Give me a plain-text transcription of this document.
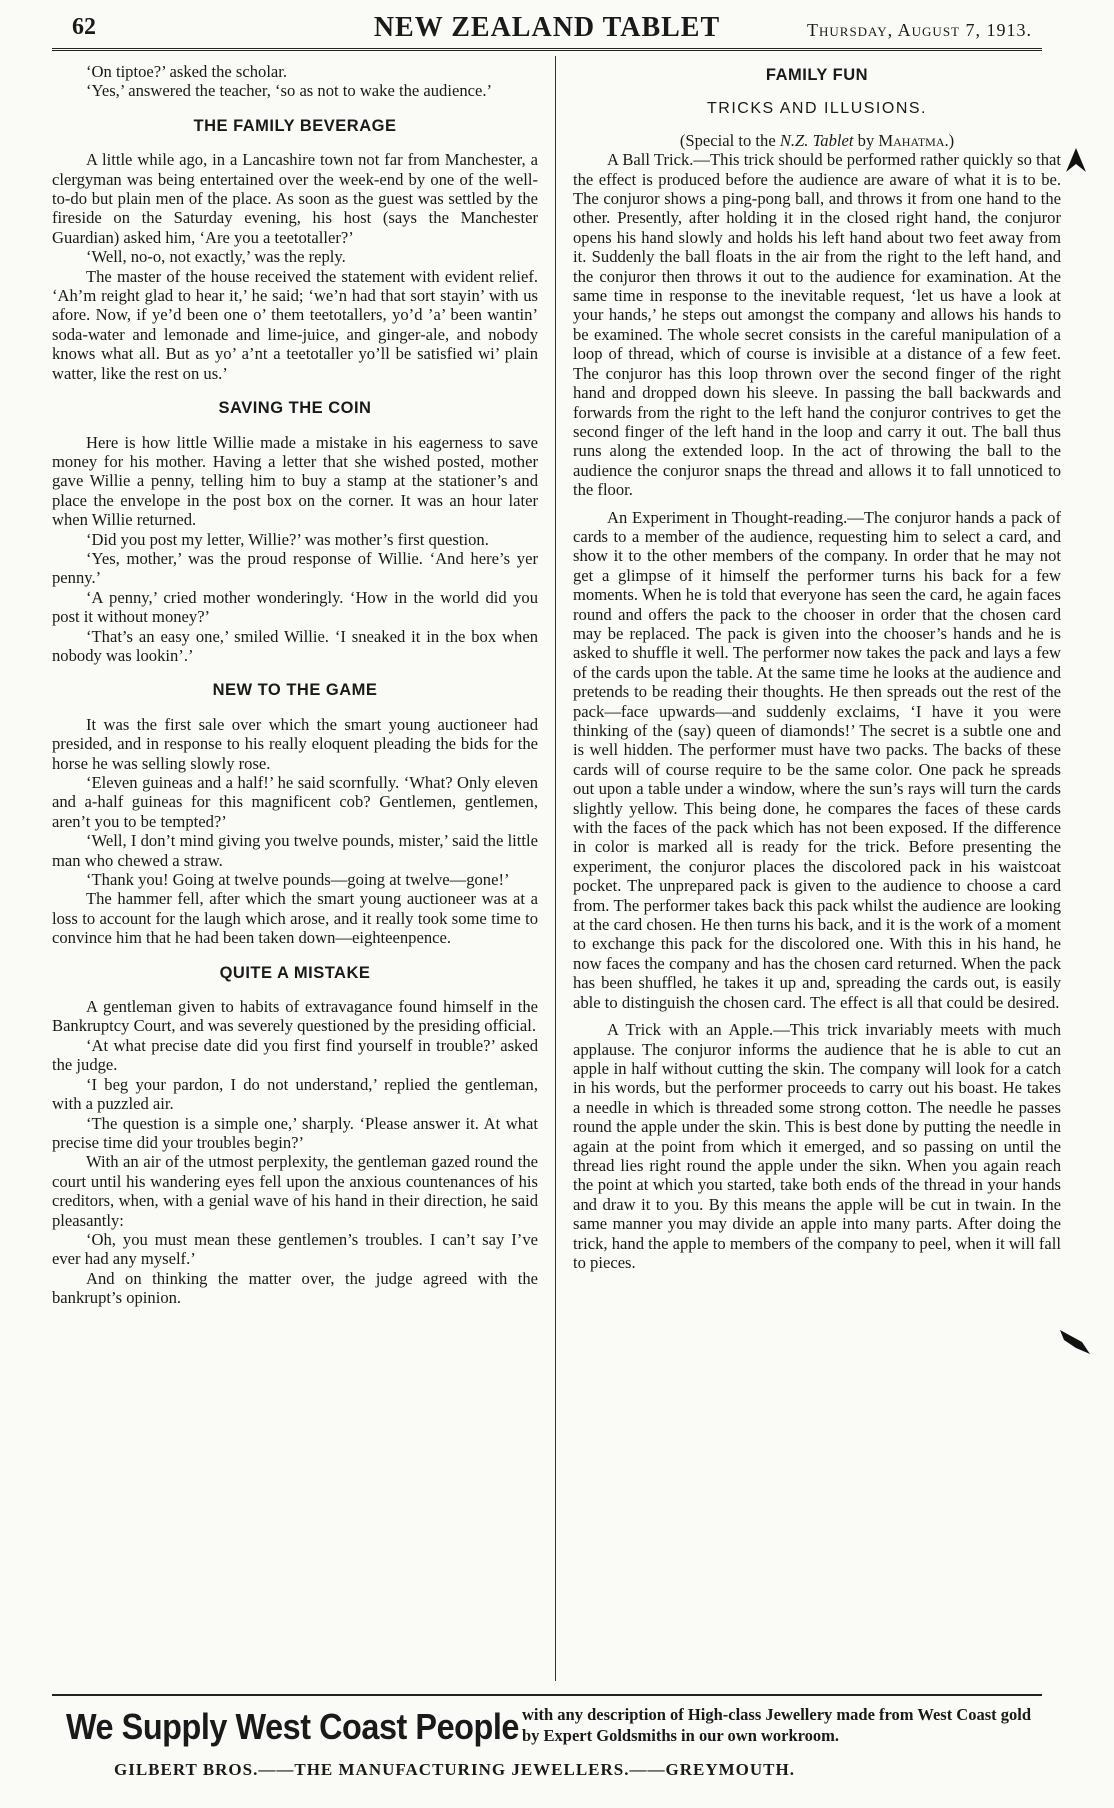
62	NEW ZEALAND TABLET	Thursday, August 7, 1913.

‘On tiptoe?’ asked the scholar.

‘Yes,’ answered the teacher, ‘so as not to wake the audience.’

THE FAMILY BEVERAGE

A little while ago, in a Lancashire town not far from Manchester, a clergyman was being entertained over the week-end by one of the well-to-do but plain men of the place. As soon as the guest was settled by the fireside on the Saturday evening, his host (says the Manchester Guardian) asked him, ‘Are you a teetotaller?’

‘Well, no-o, not exactly,’ was the reply.

The master of the house received the statement with evident relief. ‘Ah’m reight glad to hear it,’ he said; ‘we’n had that sort stayin’ with us afore. Now, if ye’d been one o’ them teetotallers, yo’d ’a’ been wantin’ soda-water and lemonade and lime-juice, and ginger-ale, and nobody knows what all. But as yo’ a’nt a teetotaller yo’ll be satisfied wi’ plain watter, like the rest on us.’

SAVING THE COIN

Here is how little Willie made a mistake in his eagerness to save money for his mother. Having a letter that she wished posted, mother gave Willie a penny, telling him to buy a stamp at the stationer’s and place the envelope in the post box on the corner. It was an hour later when Willie returned.

‘Did you post my letter, Willie?’ was mother’s first question.

‘Yes, mother,’ was the proud response of Willie. ‘And here’s yer penny.’

‘A penny,’ cried mother wonderingly. ‘How in the world did you post it without money?’

‘That’s an easy one,’ smiled Willie. ‘I sneaked it in the box when nobody was lookin’.’

NEW TO THE GAME

It was the first sale over which the smart young auctioneer had presided, and in response to his really eloquent pleading the bids for the horse he was selling slowly rose.

‘Eleven guineas and a half!’ he said scornfully. ‘What? Only eleven and a-half guineas for this magnificent cob? Gentlemen, gentlemen, aren’t you to be tempted?’

‘Well, I don’t mind giving you twelve pounds, mister,’ said the little man who chewed a straw.

‘Thank you! Going at twelve pounds—going at twelve—gone!’

The hammer fell, after which the smart young auctioneer was at a loss to account for the laugh which arose, and it really took some time to convince him that he had been taken down—eighteenpence.

QUITE A MISTAKE

A gentleman given to habits of extravagance found himself in the Bankruptcy Court, and was severely questioned by the presiding official.

‘At what precise date did you first find yourself in trouble?’ asked the judge.

‘I beg your pardon, I do not understand,’ replied the gentleman, with a puzzled air.

‘The question is a simple one,’ sharply. ‘Please answer it. At what precise time did your troubles begin?’

With an air of the utmost perplexity, the gentleman gazed round the court until his wandering eyes fell upon the anxious countenances of his creditors, when, with a genial wave of his hand in their direction, he said pleasantly:

‘Oh, you must mean these gentlemen’s troubles. I can’t say I’ve ever had any myself.’

And on thinking the matter over, the judge agreed with the bankrupt’s opinion.

FAMILY FUN
TRICKS AND ILLUSIONS.

(Special to the N.Z. Tablet by Mahatma.)

A Ball Trick.—This trick should be performed rather quickly so that the effect is produced before the audience are aware of what it is to be. The conjuror shows a ping-pong ball, and throws it from one hand to the other. Presently, after holding it in the closed right hand, the conjuror opens his hand slowly and holds his left hand about two feet away from it. Suddenly the ball floats in the air from the right to the left hand, and the conjuror then throws it out to the audience for examination. At the same time in response to the inevitable request, ‘let us have a look at your hands,’ he steps out amongst the company and allows his hands to be examined. The whole secret consists in the careful manipulation of a loop of thread, which of course is invisible at a distance of a few feet. The conjuror has this loop thrown over the second finger of the right hand and dropped down his sleeve. In passing the ball backwards and forwards from the right to the left hand the conjuror contrives to get the second finger of the left hand in the loop and carry it out. The ball thus runs along the extended loop. In the act of throwing the ball to the audience the conjuror snaps the thread and allows it to fall unnoticed to the floor.

An Experiment in Thought-reading.—The conjuror hands a pack of cards to a member of the audience, requesting him to select a card, and show it to the other members of the company. In order that he may not get a glimpse of it himself the performer turns his back for a few moments. When he is told that everyone has seen the card, he again faces round and offers the pack to the chooser in order that the chosen card may be replaced. The pack is given into the chooser’s hands and he is asked to shuffle it well. The performer now takes the pack and lays a few of the cards upon the table. At the same time he looks at the audience and pretends to be reading their thoughts. He then spreads out the rest of the pack—face upwards—and suddenly exclaims, ‘I have it you were thinking of the (say) queen of diamonds!’ The secret is a subtle one and is well hidden. The performer must have two packs. The backs of these cards will of course require to be the same color. One pack he spreads out upon a table under a window, where the sun’s rays will turn the cards slightly yellow. This being done, he compares the faces of these cards with the faces of the pack which has not been exposed. If the difference in color is marked all is ready for the trick. Before presenting the experiment, the conjuror places the discolored pack in his waistcoat pocket. The unprepared pack is given to the audience to choose a card from. The performer takes back this pack whilst the audience are looking at the card chosen. He then turns his back, and it is the work of a moment to exchange this pack for the discolored one. With this in his hand, he now faces the company and has the chosen card returned. When the pack has been shuffled, he takes it up and, spreading the cards out, is easily able to distinguish the chosen card. The effect is all that could be desired.

A Trick with an Apple.—This trick invariably meets with much applause. The conjuror informs the audience that he is able to cut an apple in half without cutting the skin. The company will look for a catch in his words, but the performer proceeds to carry out his boast. He takes a needle in which is threaded some strong cotton. The needle he passes round the apple under the skin. This is best done by putting the needle in again at the point from which it emerged, and so passing on until the thread lies right round the apple under the sikn. When you again reach the point at which you started, take both ends of the thread in your hands and draw it to you. By this means the apple will be cut in twain. In the same manner you may divide an apple into many parts. After doing the trick, hand the apple to members of the company to peel, when it will fall to pieces.

We Supply West Coast People with any description of High-class Jewellery made from West Coast gold by Expert Goldsmiths in our own workroom.
GILBERT BROS.——THE MANUFACTURING JEWELLERS.——GREYMOUTH.
